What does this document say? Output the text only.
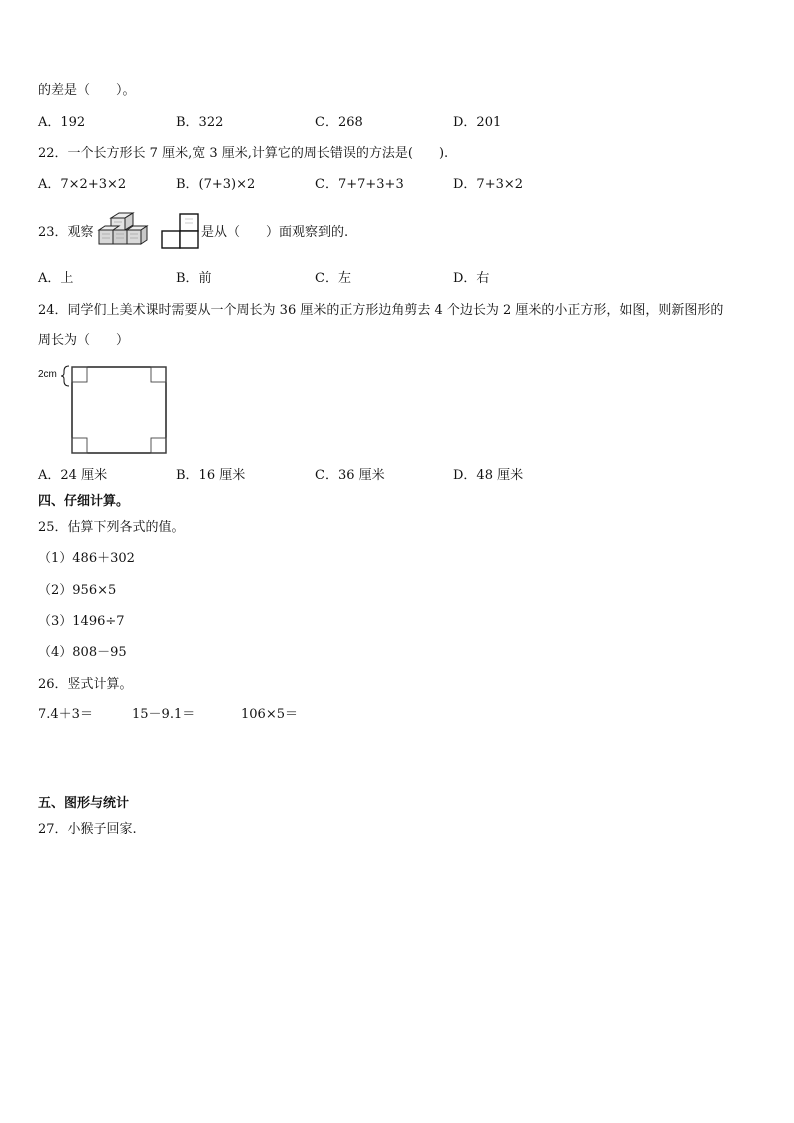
的差是（　　）。
A．192	B．322	C．268	D．201
22．一个长方形长 7 厘米,宽 3 厘米,计算它的周长错误的方法是(　　).
A．7×2+3×2	B．(7+3)×2	C．7+7+3+3	D．7+3×2
23．观察	是从（　　）面观察到的.
A．上	B．前	C．左	D．右
24．同学们上美术课时需要从一个周长为 36 厘米的正方形边角剪去 4 个边长为 2 厘米的小正方形，如图，则新图形的
周长为（　　）
2cm
A．24 厘米	B．16 厘米	C．36 厘米	D．48 厘米
四、仔细计算。
25．估算下列各式的值。
（1）486＋302
（2）956×5
（3）1496÷7
（4）808－95
26．竖式计算。
7.4＋3＝	15－9.1＝	106×5＝
五、图形与统计
27．小猴子回家.
